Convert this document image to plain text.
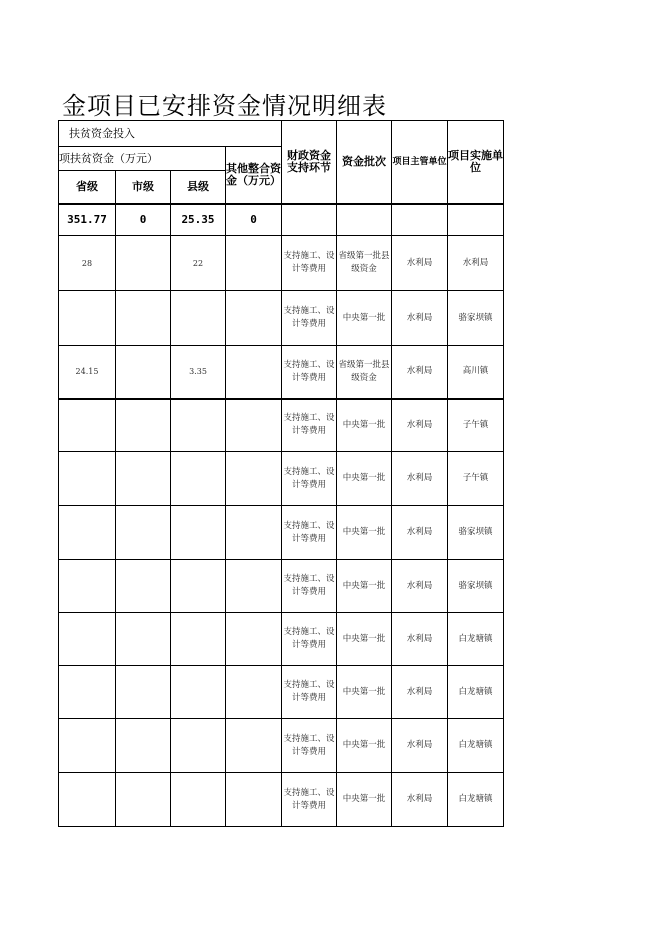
金项目已安排资金情况明细表
扶贫资金投入				财政资金支持环节	资金批次	项目主管单位	项目实施单位
项扶贫资金（万元）			其他整合资金（万元）				
省级	市级	县级					
351.77	0	25.35	0				
28		22		支持施工、设计等费用	省级第一批县级资金	水利局	水利局
				支持施工、设计等费用	中央第一批	水利局	骆家坝镇
24.15		3.35		支持施工、设计等费用	省级第一批县级资金	水利局	高川镇
				支持施工、设计等费用	中央第一批	水利局	子午镇
				支持施工、设计等费用	中央第一批	水利局	子午镇
				支持施工、设计等费用	中央第一批	水利局	骆家坝镇
				支持施工、设计等费用	中央第一批	水利局	骆家坝镇
				支持施工、设计等费用	中央第一批	水利局	白龙塘镇
				支持施工、设计等费用	中央第一批	水利局	白龙塘镇
				支持施工、设计等费用	中央第一批	水利局	白龙塘镇
				支持施工、设计等费用	中央第一批	水利局	白龙塘镇
